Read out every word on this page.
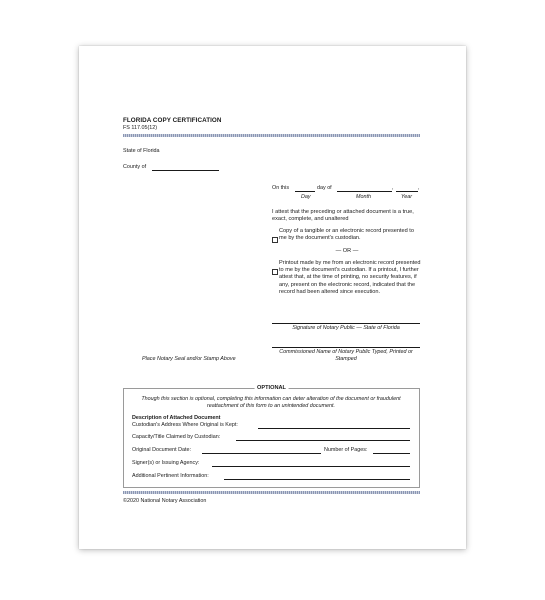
FLORIDA COPY CERTIFICATION
FS 117.05(12)
State of Florida
County of
On this	day of	,	,
Day	Month	Year
I attest that the preceding or attached document is a true, exact, complete, and unaltered
Copy of a tangible or an electronic record presented to me by the document's custodian.
— OR —
Printout made by me from an electronic record presented to me by the document's custodian. If a printout, I further attest that, at the time of printing, no security features, if any, present on the electronic record, indicated that the record had been altered since execution.
Signature of Notary Public — State of Florida
Commissioned Name of Notary Public Typed, Printed or Stamped
Place Notary Seal and/or Stamp Above
OPTIONAL
Though this section is optional, completing this information can deter alteration of the document or fraudulent reattachment of this form to an unintended document.
Description of Attached Document
Custodian's Address Where Original is Kept:
Capacity/Title Claimed by Custodian:
Original Document Date:	Number of Pages:
Signer(s) or Issuing Agency:
Additional Pertinent Information:
©2020 National Notary Association
